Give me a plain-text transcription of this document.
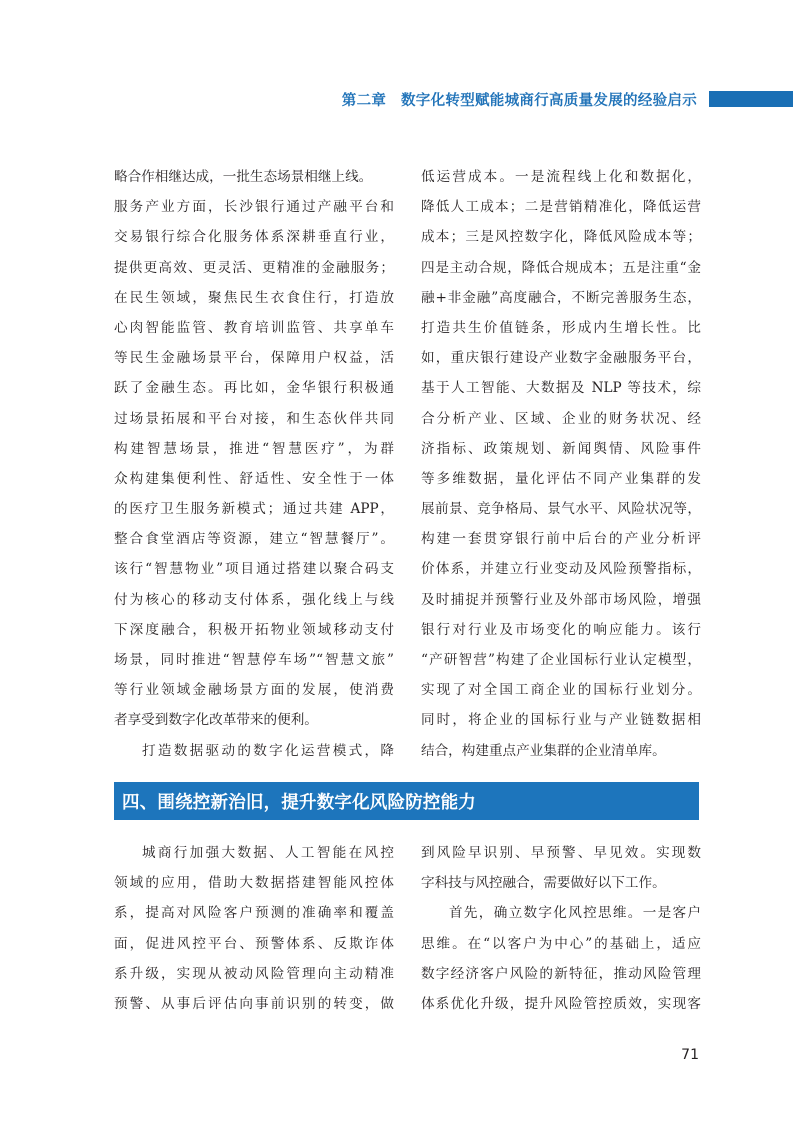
第二章　数字化转型赋能城商行高质量发展的经验启示
略合作相继达成，一批生态场景相继上线。
服务产业方面，长沙银行通过产融平台和
交易银行综合化服务体系深耕垂直行业，
提供更高效、更灵活、更精准的金融服务；
在民生领域，聚焦民生衣食住行，打造放
心肉智能监管、教育培训监管、共享单车
等民生金融场景平台，保障用户权益，活
跃了金融生态。再比如，金华银行积极通
过场景拓展和平台对接，和生态伙伴共同
构建智慧场景，推进“智慧医疗”，为群
众构建集便利性、舒适性、安全性于一体
的医疗卫生服务新模式；通过共建 APP，
整合食堂酒店等资源，建立“智慧餐厅”。
该行“智慧物业”项目通过搭建以聚合码支
付为核心的移动支付体系，强化线上与线
下深度融合，积极开拓物业领域移动支付
场景，同时推进“智慧停车场”“智慧文旅”
等行业领域金融场景方面的发展，使消费
者享受到数字化改革带来的便利。
打造数据驱动的数字化运营模式，降
低运营成本。一是流程线上化和数据化，
降低人工成本；二是营销精准化，降低运营
成本；三是风控数字化，降低风险成本等；
四是主动合规，降低合规成本；五是注重“金
融+非金融”高度融合，不断完善服务生态，
打造共生价值链条，形成内生增长性。比
如，重庆银行建设产业数字金融服务平台，
基于人工智能、大数据及 NLP 等技术，综
合分析产业、区域、企业的财务状况、经
济指标、政策规划、新闻舆情、风险事件
等多维数据，量化评估不同产业集群的发
展前景、竞争格局、景气水平、风险状况等，
构建一套贯穿银行前中后台的产业分析评
价体系，并建立行业变动及风险预警指标，
及时捕捉并预警行业及外部市场风险，增强
银行对行业及市场变化的响应能力。该行
“产研智营”构建了企业国标行业认定模型，
实现了对全国工商企业的国标行业划分。
同时，将企业的国标行业与产业链数据相
结合，构建重点产业集群的企业清单库。
四、围绕控新治旧，提升数字化风险防控能力
城商行加强大数据、人工智能在风控
领域的应用，借助大数据搭建智能风控体
系，提高对风险客户预测的准确率和覆盖
面，促进风控平台、预警体系、反欺诈体
系升级，实现从被动风险管理向主动精准
预警、从事后评估向事前识别的转变，做
到风险早识别、早预警、早见效。实现数
字科技与风控融合，需要做好以下工作。
首先，确立数字化风控思维。一是客户
思维。在“以客户为中心”的基础上，适应
数字经济客户风险的新特征，推动风险管理
体系优化升级，提升风险管控质效，实现客
71
